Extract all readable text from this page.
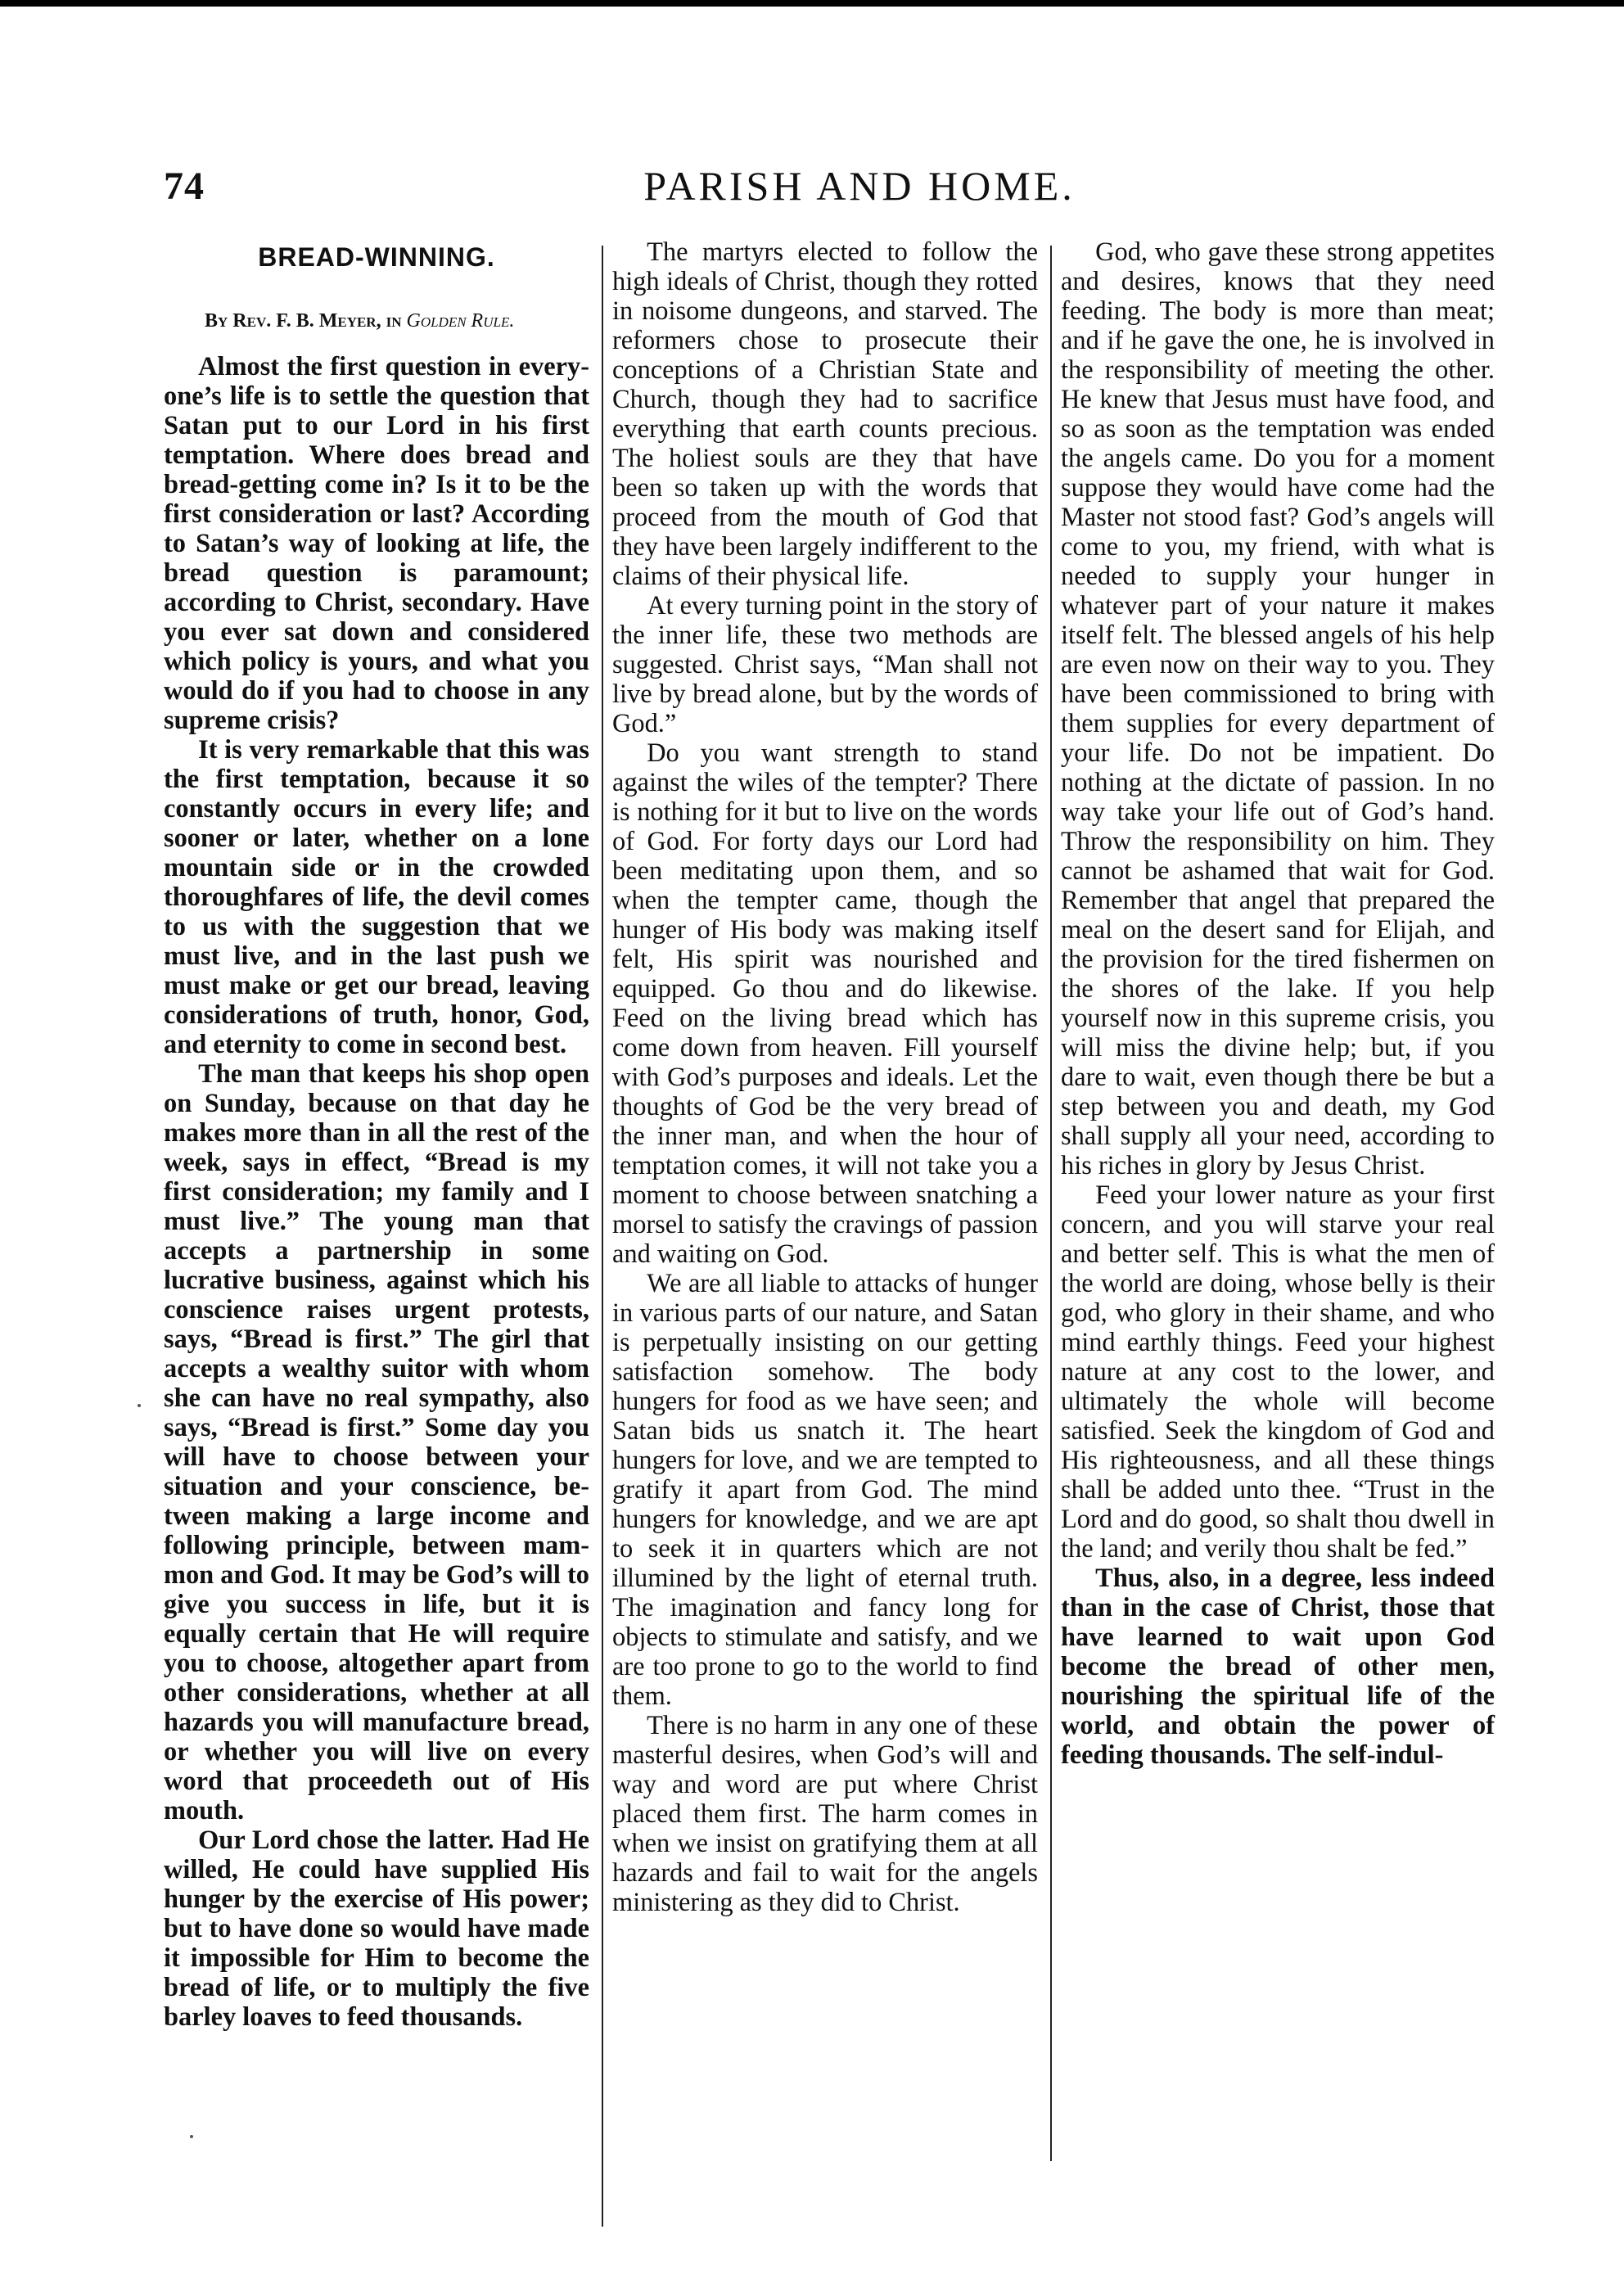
74	PARISH AND HOME.
BREAD-WINNING.
By Rev. F. B. Meyer, in Golden Rule.

Almost the first question in everyone’s life is to settle the question that Satan put to our Lord in his first temptation. Where does bread and bread-getting come in? Is it to be the first consideration or last? According to Satan’s way of looking at life, the bread question is paramount; according to Christ, secondary. Have you ever sat down and considered which policy is yours, and what you would do if you had to choose in any supreme crisis?

It is very remarkable that this was the first temptation, because it so constantly occurs in every life; and sooner or later, whether on a lone mountain side or in the crowded thoroughfares of life, the devil comes to us with the suggestion that we must live, and in the last push we must make or get our bread, leaving considerations of truth, honor, God, and eternity to come in second best.

The man that keeps his shop open on Sunday, because on that day he makes more than in all the rest of the week, says in effect, “Bread is my first consideration; my family and I must live.” The young man that accepts a partnership in some lucrative business, against which his conscience raises urgent protests, says, “Bread is first.” The girl that accepts a wealthy suitor with whom she can have no real sympathy, also says, “Bread is first.” Some day you will have to choose between your situation and your conscience, between making a large income and following principle, between mammon and God. It may be God’s will to give you success in life, but it is equally certain that He will require you to choose, altogether apart from other considerations, whether at all hazards you will manufacture bread, or whether you will live on every word that proceedeth out of His mouth.

Our Lord chose the latter. Had He willed, He could have supplied His hunger by the exercise of His power; but to have done so would have made it impossible for Him to become the bread of life, or to multiply the five barley loaves to feed thousands.

The martyrs elected to follow the high ideals of Christ, though they rotted in noisome dungeons, and starved. The reformers chose to prosecute their conceptions of a Christian State and Church, though they had to sacrifice everything that earth counts precious. The holiest souls are they that have been so taken up with the words that proceed from the mouth of God that they have been largely indifferent to the claims of their physical life.

At every turning point in the story of the inner life, these two methods are suggested. Christ says, “Man shall not live by bread alone, but by the words of God.”

Do you want strength to stand against the wiles of the tempter? There is nothing for it but to live on the words of God. For forty days our Lord had been meditating upon them, and so when the tempter came, though the hunger of His body was making itself felt, His spirit was nourished and equipped. Go thou and do likewise. Feed on the living bread which has come down from heaven. Fill yourself with God’s purposes and ideals. Let the thoughts of God be the very bread of the inner man, and when the hour of temptation comes, it will not take you a moment to choose between snatching a morsel to satisfy the cravings of passion and waiting on God.

We are all liable to attacks of hunger in various parts of our nature, and Satan is perpetually insisting on our getting satisfaction somehow. The body hungers for food as we have seen; and Satan bids us snatch it. The heart hungers for love, and we are tempted to gratify it apart from God. The mind hungers for knowledge, and we are apt to seek it in quarters which are not illumined by the light of eternal truth. The imagination and fancy long for objects to stimulate and satisfy, and we are too prone to go to the world to find them.

There is no harm in any one of these masterful desires, when God’s will and way and word are put where Christ placed them first. The harm comes in when we insist on gratifying them at all hazards and fail to wait for the angels ministering as they did to Christ.

God, who gave these strong appetites and desires, knows that they need feeding. The body is more than meat; and if he gave the one, he is involved in the responsibility of meeting the other. He knew that Jesus must have food, and so as soon as the temptation was ended the angels came. Do you for a moment suppose they would have come had the Master not stood fast? God’s angels will come to you, my friend, with what is needed to supply your hunger in whatever part of your nature it makes itself felt. The blessed angels of his help are even now on their way to you. They have been commissioned to bring with them supplies for every department of your life. Do not be impatient. Do nothing at the dictate of passion. In no way take your life out of God’s hand. Throw the responsibility on him. They cannot be ashamed that wait for God. Remember that angel that prepared the meal on the desert sand for Elijah, and the provision for the tired fishermen on the shores of the lake. If you help yourself now in this supreme crisis, you will miss the divine help; but, if you dare to wait, even though there be but a step between you and death, my God shall supply all your need, according to his riches in glory by Jesus Christ.

Feed your lower nature as your first concern, and you will starve your real and better self. This is what the men of the world are doing, whose belly is their god, who glory in their shame, and who mind earthly things. Feed your highest nature at any cost to the lower, and ultimately the whole will become satisfied. Seek the kingdom of God and His righteousness, and all these things shall be added unto thee. “Trust in the Lord and do good, so shalt thou dwell in the land; and verily thou shalt be fed.”

Thus, also, in a degree, less indeed than in the case of Christ, those that have learned to wait upon God become the bread of other men, nourishing the spiritual life of the world, and obtain the power of feeding thousands. The self-indul-
